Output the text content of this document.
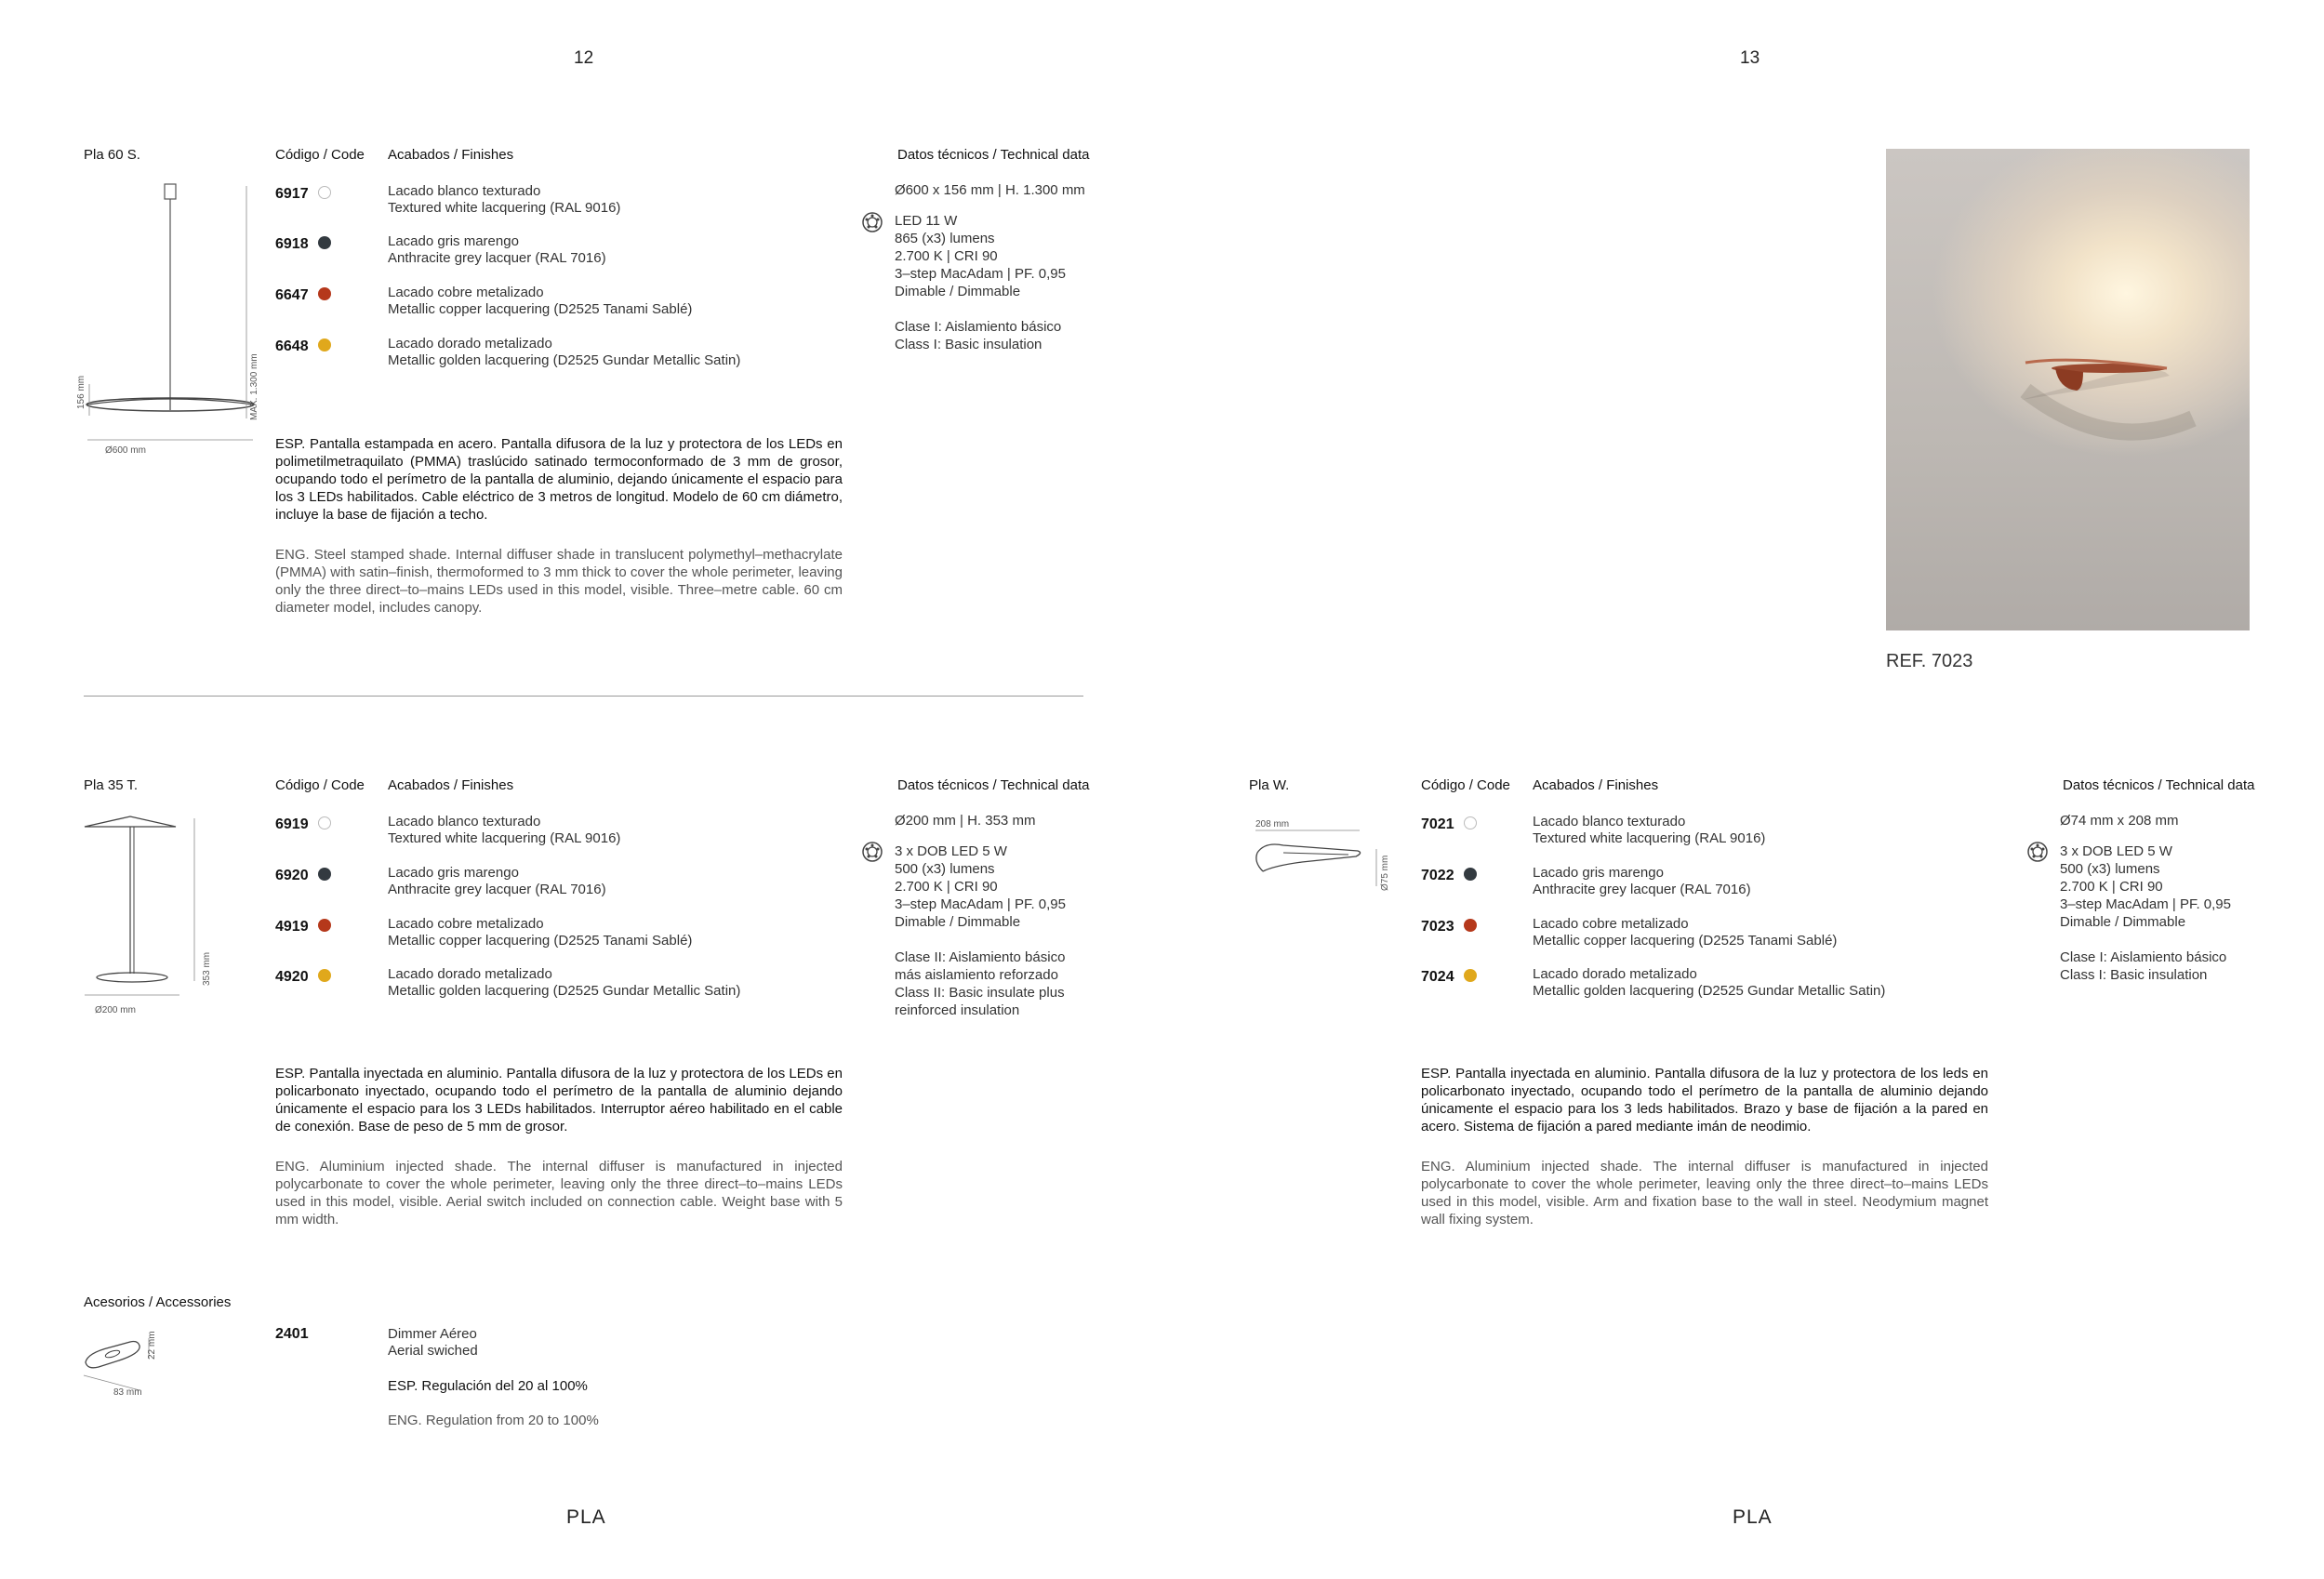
12	13
PLA	PLA
Pla 60 S.	Código / Code Acabados / Finishes	Datos técnicos / Technical data
156 mm	MAX. 1.300 mm
Ø600 mm
6917	Lacado blanco texturado
Textured white lacquering (RAL 9016)
6918	Lacado gris marengo
Anthracite grey lacquer (RAL 7016)
6647	Lacado cobre metalizado
Metallic copper lacquering (D2525 Tanami Sablé)
6648	Lacado dorado metalizado
Metallic golden lacquering (D2525 Gundar Metallic Satin)
Ø600 x 156 mm | H. 1.300 mm
LED 11 W
865 (x3) lumens
2.700 K | CRI 90
3–step MacAdam | PF. 0,95
Dimable / Dimmable
Clase I: Aislamiento básico
Class I: Basic insulation
ESP. Pantalla estampada en acero. Pantalla difusora de la luz y protectora de los LEDs en polimetilmetraquilato (PMMA) traslúcido satinado termoconformado de 3 mm de grosor, ocupando todo el perímetro de la pantalla de aluminio, dejando únicamente el espacio para los 3 LEDs habilitados. Cable eléctrico de 3 metros de longitud. Modelo de 60 cm diámetro, incluye la base de fijación a techo.
ENG. Steel stamped shade. Internal diffuser shade in translucent polymethyl–methacrylate (PMMA) with satin–finish, thermoformed to 3 mm thick to cover the whole perimeter, leaving only the three direct–to–mains LEDs used in this model, visible. Three–metre cable. 60 cm diameter model, includes canopy.
Pla 35 T.	Código / Code Acabados / Finishes	Datos técnicos / Technical data
353 mm
Ø200 mm
6919	Lacado blanco texturado
Textured white lacquering (RAL 9016)
6920	Lacado gris marengo
Anthracite grey lacquer (RAL 7016)
4919	Lacado cobre metalizado
Metallic copper lacquering (D2525 Tanami Sablé)
4920	Lacado dorado metalizado
Metallic golden lacquering (D2525 Gundar Metallic Satin)
Ø200 mm | H. 353 mm
3 x DOB LED 5 W
500 (x3) lumens
2.700 K | CRI 90
3–step MacAdam | PF. 0,95
Dimable / Dimmable
Clase II: Aislamiento básico
más aislamiento reforzado
Class II: Basic insulate plus
reinforced insulation
ESP. Pantalla inyectada en aluminio. Pantalla difusora de la luz y protectora de los LEDs en policarbonato inyectado, ocupando todo el perímetro de la pantalla de aluminio dejando únicamente el espacio para los 3 LEDs habilitados. Interruptor aéreo habilitado en el cable de conexión. Base de peso de 5 mm de grosor.
ENG. Aluminium injected shade. The internal diffuser is manufactured in injected polycarbonate to cover the whole perimeter, leaving only the three direct–to–mains LEDs used in this model, visible. Aerial switch included on connection cable. Weight base with 5 mm width.
Acesorios / Accessories
22 mm
83 mm
2401	Dimmer Aéreo
Aerial swiched
ESP. Regulación del 20 al 100%
ENG. Regulation from 20 to 100%
REF. 7023
Pla W.	Código / Code Acabados / Finishes	Datos técnicos / Technical data
208 mm
Ø75 mm
7021	Lacado blanco texturado
Textured white lacquering (RAL 9016)
7022	Lacado gris marengo
Anthracite grey lacquer (RAL 7016)
7023	Lacado cobre metalizado
Metallic copper lacquering (D2525 Tanami Sablé)
7024	Lacado dorado metalizado
Metallic golden lacquering (D2525 Gundar Metallic Satin)
Ø74 mm x 208 mm
3 x DOB LED 5 W
500 (x3) lumens
2.700 K | CRI 90
3–step MacAdam | PF. 0,95
Dimable / Dimmable
Clase I: Aislamiento básico
Class I: Basic insulation
ESP. Pantalla inyectada en aluminio. Pantalla difusora de la luz y protectora de los leds en policarbonato inyectado, ocupando todo el perímetro de la pantalla de aluminio dejando únicamente el espacio para los 3 leds habilitados. Brazo y base de fijación a la pared en acero. Sistema de fijación a pared mediante imán de neodimio.
ENG. Aluminium injected shade. The internal diffuser is manufactured in injected polycarbonate to cover the whole perimeter, leaving only the three direct–to–mains LEDs used in this model, visible. Arm and fixation base to the wall in steel. Neodymium magnet wall fixing system.
